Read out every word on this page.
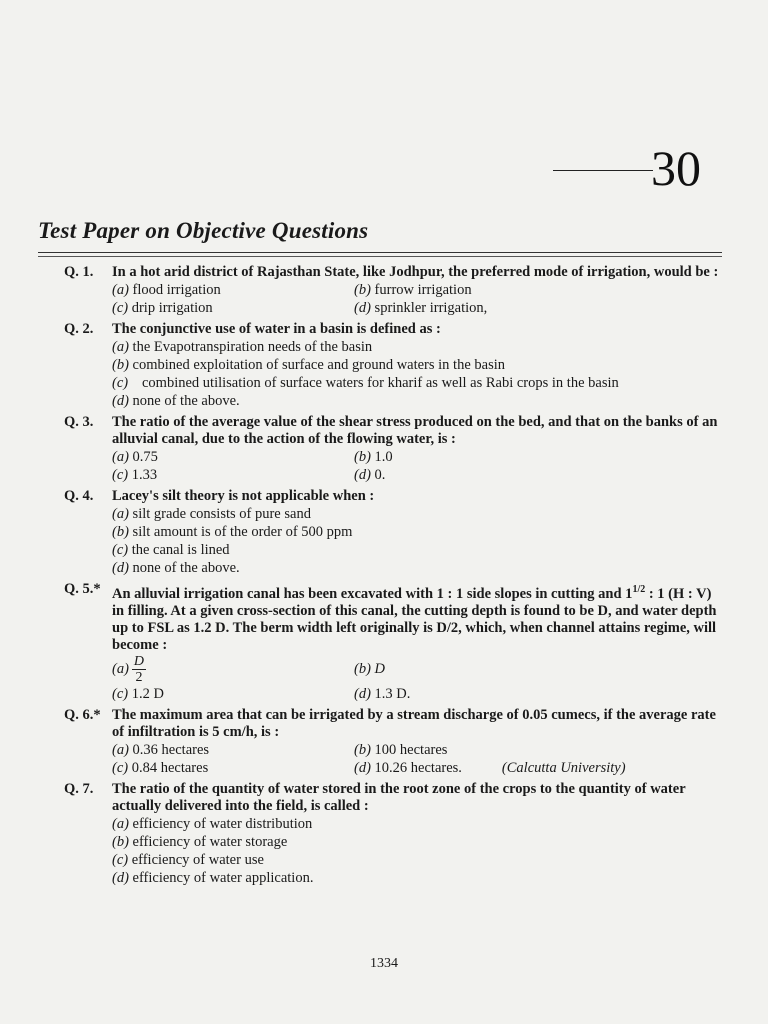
30
Test Paper on Objective Questions
Q. 1.	In a hot arid district of Rajasthan State, like Jodhpur, the preferred mode of irrigation, would be :
(a) flood irrigation	(b) furrow irrigation
(c) drip irrigation	(d) sprinkler irrigation,
Q. 2.	The conjunctive use of water in a basin is defined as :
(a) the Evapotranspiration needs of the basin
(b) combined exploitation of surface and ground waters in the basin
(c) combined utilisation of surface waters for kharif as well as Rabi crops in the basin
(d) none of the above.
Q. 3.	The ratio of the average value of the shear stress produced on the bed, and that on the banks of an alluvial canal, due to the action of the flowing water, is :
(a) 0.75	(b) 1.0
(c) 1.33	(d) 0.
Q. 4.	Lacey's silt theory is not applicable when :
(a) silt grade consists of pure sand
(b) silt amount is of the order of 500 ppm
(c) the canal is lined
(d) none of the above.
Q. 5.* An alluvial irrigation canal has been excavated with 1 : 1 side slopes in cutting and $1^{1/2}$ : 1 (H : V) in filling. At a given cross-section of this canal, the cutting depth is found to be D, and water depth up to FSL as 1.2 D. The berm width left originally is D/2, which, when channel attains regime, will become :
$(a) \frac{D}{2}$	(b) D
(c) 1.2 D	(d) 1.3 D.
Q. 6.* The maximum area that can be irrigated by a stream discharge of 0.05 cumecs, if the average rate of infiltration is 5 cm/h, is :
(a) 0.36 hectares	(b) 100 hectares
(c) 0.84 hectares	(d) 10.26 hectares.	(Calcutta University)
Q. 7.	The ratio of the quantity of water stored in the root zone of the crops to the quantity of water actually delivered into the field, is called :
(a) efficiency of water distribution
(b) efficiency of water storage
(c) efficiency of water use
(d) efficiency of water application.
1334
